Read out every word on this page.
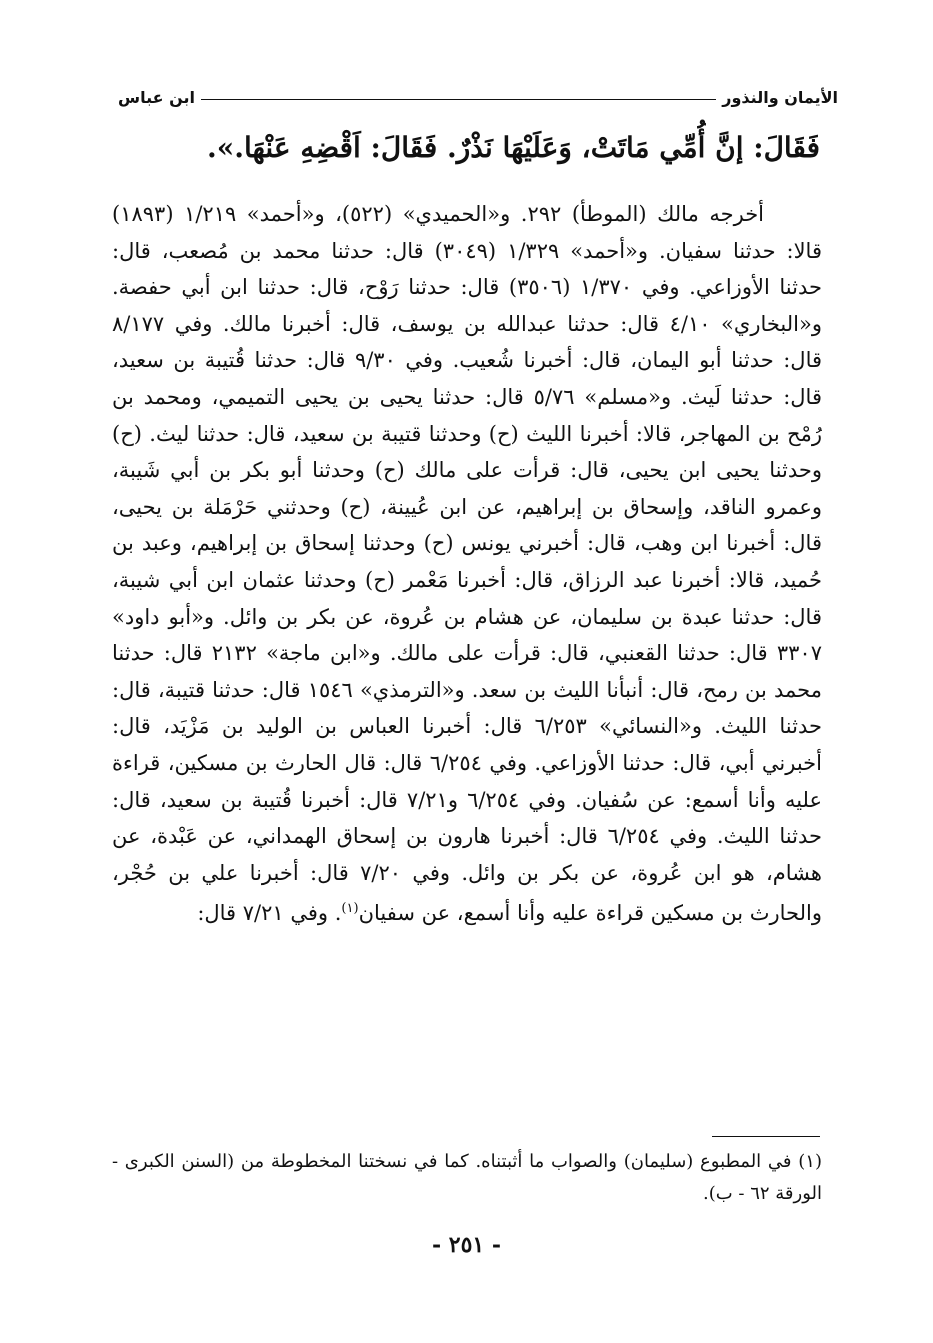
الأيمان والنذور
ابن عباس
فَقَالَ: إنَّ أُمِّي مَاتَتْ، وَعَلَيْهَا نَذْرٌ. فَقَالَ: اَقْضِهِ عَنْهَا.».

أخرجه مالك (الموطأ) ٢٩٢. و«الحميدي» (٥٢٢)، و«أحمد» ١/٢١٩ (١٨٩٣) قالا: حدثنا سفيان. و«أحمد» ١/٣٢٩ (٣٠٤٩) قال: حدثنا محمد بن مُصعب، قال: حدثنا الأوزاعي. وفي ١/٣٧٠ (٣٥٠٦) قال: حدثنا رَوْح، قال: حدثنا ابن أبي حفصة. و«البخاري» ٤/١٠ قال: حدثنا عبدالله بن يوسف، قال: أخبرنا مالك. وفي ٨/١٧٧ قال: حدثنا أبو اليمان، قال: أخبرنا شُعيب. وفي ٩/٣٠ قال: حدثنا قُتيبة بن سعيد، قال: حدثنا لَيث. و«مسلم» ٥/٧٦ قال: حدثنا يحيى بن يحيى التميمي، ومحمد بن رُمْح بن المهاجر، قالا: أخبرنا الليث (ح) وحدثنا قتيبة بن سعيد، قال: حدثنا ليث. (ح) وحدثنا يحيى ابن يحيى، قال: قرأت على مالك (ح) وحدثنا أبو بكر بن أبي شَيبة، وعمرو الناقد، وإسحاق بن إبراهيم، عن ابن عُيينة، (ح) وحدثني حَرْمَلة بن يحيى، قال: أخبرنا ابن وهب، قال: أخبرني يونس (ح) وحدثنا إسحاق بن إبراهيم، وعبد بن حُميد، قالا: أخبرنا عبد الرزاق، قال: أخبرنا مَعْمر (ح) وحدثنا عثمان ابن أبي شيبة، قال: حدثنا عبدة بن سليمان، عن هشام بن عُروة، عن بكر بن وائل. و«أبو داود» ٣٣٠٧ قال: حدثنا القعنبي، قال: قرأت على مالك. و«ابن ماجة» ٢١٣٢ قال: حدثنا محمد بن رمح، قال: أنبأنا الليث بن سعد. و«الترمذي» ١٥٤٦ قال: حدثنا قتيبة، قال: حدثنا الليث. و«النسائي» ٦/٢٥٣ قال: أخبرنا العباس بن الوليد بن مَزْيَد، قال: أخبرني أبي، قال: حدثنا الأوزاعي. وفي ٦/٢٥٤ قال: قال الحارث بن مسكين، قراءة عليه وأنا أسمع: عن سُفيان. وفي ٦/٢٥٤ و٧/٢١ قال: أخبرنا قُتيبة بن سعيد، قال: حدثنا الليث. وفي ٦/٢٥٤ قال: أخبرنا هارون بن إسحاق الهمداني، عن عَبْدة، عن هشام، هو ابن عُروة، عن بكر بن وائل. وفي ٧/٢٠ قال: أخبرنا علي بن حُجْر، والحارث بن مسكين قراءة عليه وأنا أسمع، عن سفيان$^{(١)}$. وفي ٧/٢١ قال:

(١) في المطبوع (سليمان) والصواب ما أثبتناه. كما في نسختنا المخطوطة من (السنن الكبرى - الورقة ٦٢ - ب).
- ٢٥١ -
